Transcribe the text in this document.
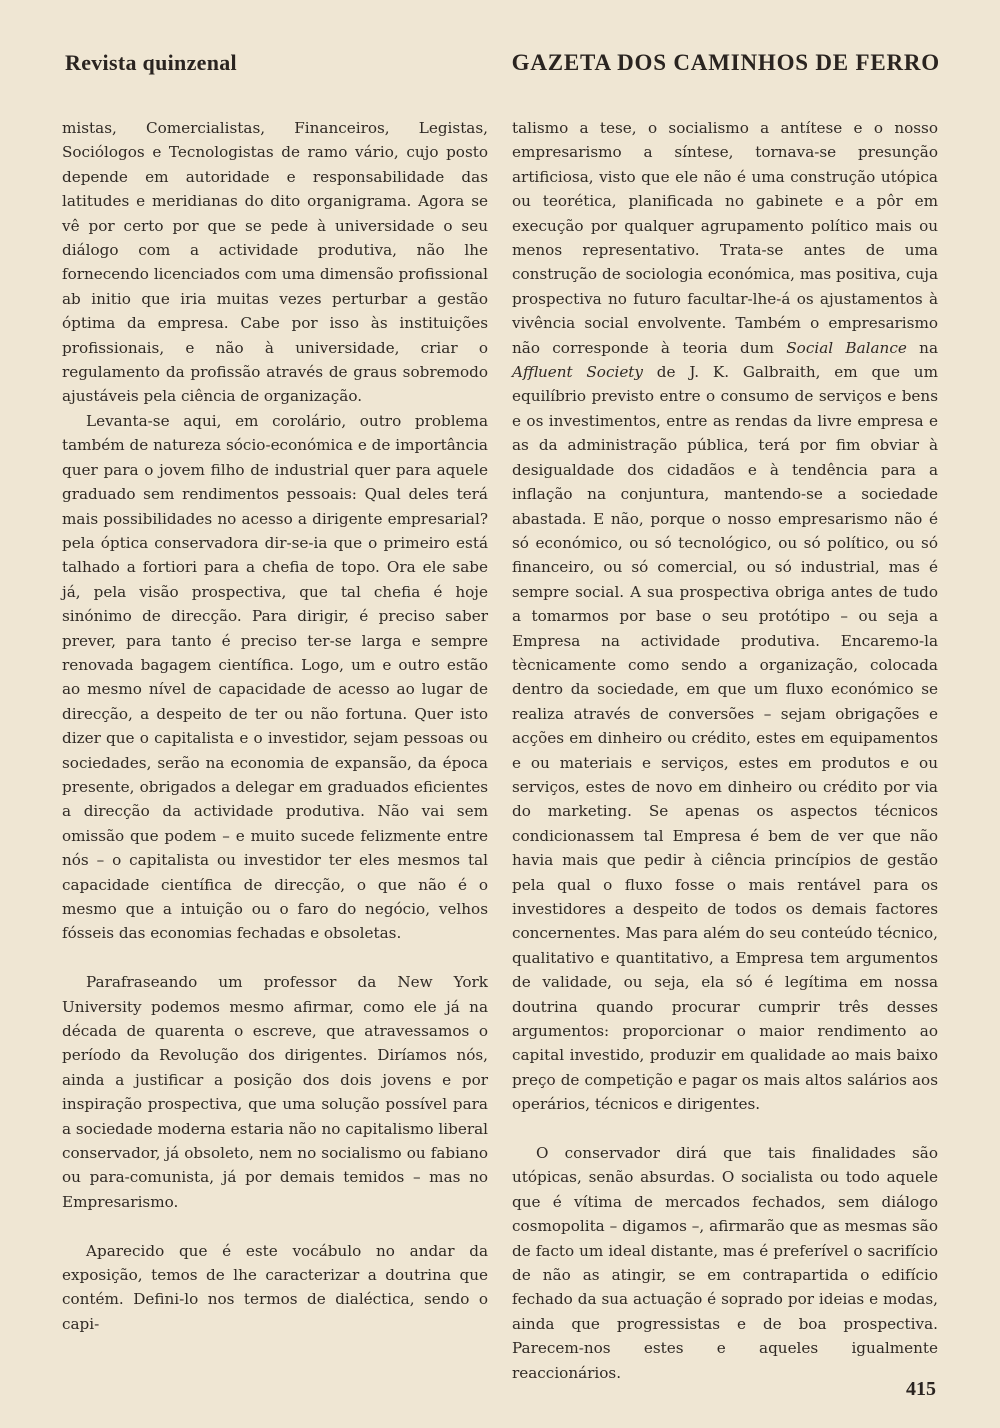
Revista quinzenal	GAZETA DOS CAMINHOS DE FERRO

mistas, Comercialistas, Financeiros, Legistas, Sociólogos e Tecnologistas de ramo vário, cujo posto depende em autoridade e responsabilidade das latitudes e meridianas do dito organigrama. Agora se vê por certo por que se pede à universidade o seu diálogo com a actividade produtiva, não lhe fornecendo licenciados com uma dimensão profissional ab initio que iria muitas vezes perturbar a gestão óptima da empresa. Cabe por isso às instituições profissionais, e não à universidade, criar o regulamento da profissão através de graus sobremodo ajustáveis pela ciência de organização.

Levanta-se aqui, em corolário, outro problema também de natureza sócio-económica e de importância quer para o jovem filho de industrial quer para aquele graduado sem rendimentos pessoais: Qual deles terá mais possibilidades no acesso a dirigente empresarial? pela óptica conservadora dir-se-ia que o primeiro está talhado a fortiori para a chefia de topo. Ora ele sabe já, pela visão prospectiva, que tal chefia é hoje sinónimo de direcção. Para dirigir, é preciso saber prever, para tanto é preciso ter-se larga e sempre renovada bagagem científica. Logo, um e outro estão ao mesmo nível de capacidade de acesso ao lugar de direcção, a despeito de ter ou não fortuna. Quer isto dizer que o capitalista e o investidor, sejam pessoas ou sociedades, serão na economia de expansão, da época presente, obrigados a delegar em graduados eficientes a direcção da actividade produtiva. Não vai sem omissão que podem – e muito sucede felizmente entre nós – o capitalista ou investidor ter eles mesmos tal capacidade científica de direcção, o que não é o mesmo que a intuição ou o faro do negócio, velhos fósseis das economias fechadas e obsoletas.

Parafraseando um professor da New York University podemos mesmo afirmar, como ele já na década de quarenta o escreve, que atravessamos o período da Revolução dos dirigentes. Diríamos nós, ainda a justificar a posição dos dois jovens e por inspiração prospectiva, que uma solução possível para a sociedade moderna estaria não no capitalismo liberal conservador, já obsoleto, nem no socialismo ou fabiano ou para-comunista, já por demais temidos – mas no Empresarismo.

Aparecido que é este vocábulo no andar da exposição, temos de lhe caracterizar a doutrina que contém. Defini-lo nos termos de dialéctica, sendo o capi-

talismo a tese, o socialismo a antítese e o nosso empresarismo a síntese, tornava-se presunção artificiosa, visto que ele não é uma construção utópica ou teorética, planificada no gabinete e a pôr em execução por qualquer agrupamento político mais ou menos representativo. Trata-se antes de uma construção de sociologia económica, mas positiva, cuja prospectiva no futuro facultar-lhe-á os ajustamentos à vivência social envolvente. Também o empresarismo não corresponde à teoria dum Social Balance na Affluent Society de J. K. Galbraith, em que um equilíbrio previsto entre o consumo de serviços e bens e os investimentos, entre as rendas da livre empresa e as da administração pública, terá por fim obviar à desigualdade dos cidadãos e à tendência para a inflação na conjuntura, mantendo-se a sociedade abastada. E não, porque o nosso empresarismo não é só económico, ou só tecnológico, ou só político, ou só financeiro, ou só comercial, ou só industrial, mas é sempre social. A sua prospectiva obriga antes de tudo a tomarmos por base o seu protótipo – ou seja a Empresa na actividade produtiva. Encaremo-la tècnicamente como sendo a organização, colocada dentro da sociedade, em que um fluxo económico se realiza através de conversões – sejam obrigações e acções em dinheiro ou crédito, estes em equipamentos e ou materiais e serviços, estes em produtos e ou serviços, estes de novo em dinheiro ou crédito por via do marketing. Se apenas os aspectos técnicos condicionassem tal Empresa é bem de ver que não havia mais que pedir à ciência princípios de gestão pela qual o fluxo fosse o mais rentável para os investidores a despeito de todos os demais factores concernentes. Mas para além do seu conteúdo técnico, qualitativo e quantitativo, a Empresa tem argumentos de validade, ou seja, ela só é legítima em nossa doutrina quando procurar cumprir três desses argumentos: proporcionar o maior rendimento ao capital investido, produzir em qualidade ao mais baixo preço de competição e pagar os mais altos salários aos operários, técnicos e dirigentes.

O conservador dirá que tais finalidades são utópicas, senão absurdas. O socialista ou todo aquele que é vítima de mercados fechados, sem diálogo cosmopolita – digamos –, afirmarão que as mesmas são de facto um ideal distante, mas é preferível o sacrifício de não as atingir, se em contrapartida o edifício fechado da sua actuação é soprado por ideias e modas, ainda que progressistas e de boa prospectiva. Parecem-nos estes e aqueles igualmente reaccionários.

415
